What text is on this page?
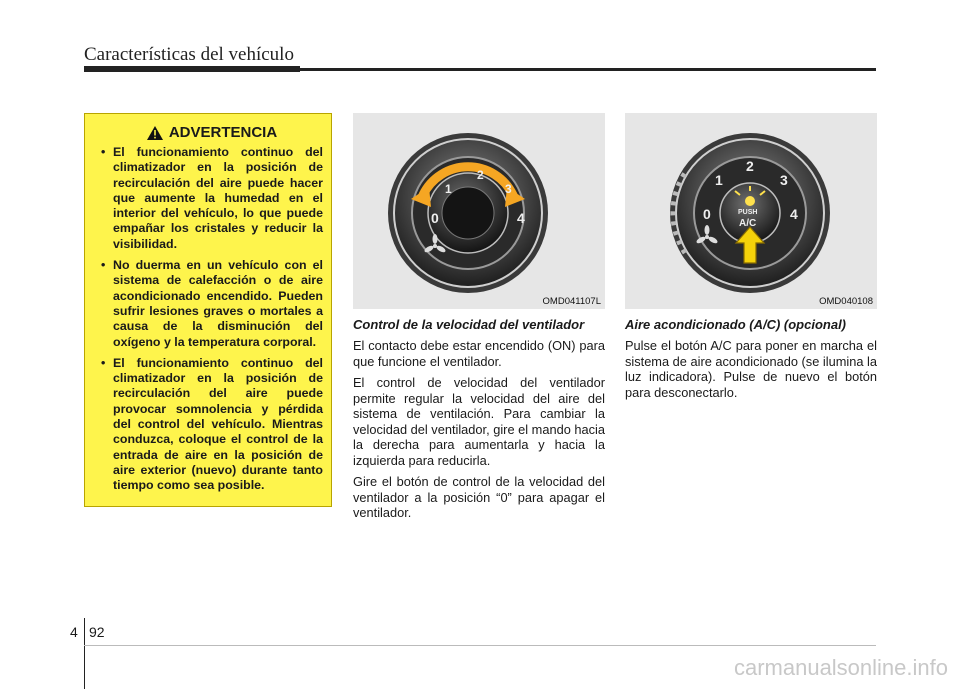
Características del vehículo
ADVERTENCIA
• El funcionamiento continuo del climatizador en la posición de recirculación del aire puede hacer que aumente la humedad en el interior del vehículo, lo que puede empañar los cristales y reducir la visibilidad.
• No duerma en un vehículo con el sistema de calefacción o de aire acondicionado encendido. Pueden sufrir lesiones graves o mortales a causa de la disminución del oxígeno y la temperatura corporal.
• El funcionamiento continuo del climatizador en la posición de recirculación del aire puede provocar somnolencia y pérdida del control del vehículo. Mientras conduzca, coloque el control de la entrada de aire en la posición de aire exterior (nuevo) durante tanto tiempo como sea posible.
0
1
2
3
4
OMD041107L
PUSH
A/C
0
1
2
3
4
OMD040108

Control de la velocidad del ventilador

El contacto debe estar encendido (ON) para que funcione el ventilador.

El control de velocidad del ventilador permite regular la velocidad del aire del sistema de ventilación. Para cambiar la velocidad del ventilador, gire el mando hacia la derecha para aumentarla y hacia la izquierda para reducirla.

Gire el botón de control de la velocidad del ventilador a la posición “0” para apagar el ventilador.

Aire acondicionado (A/C) (opcional)

Pulse el botón A/C para poner en marcha el sistema de aire acondicionado (se ilumina la luz indicadora). Pulse de nuevo el botón para desconectarlo.

4 92
carmanualsonline.info
